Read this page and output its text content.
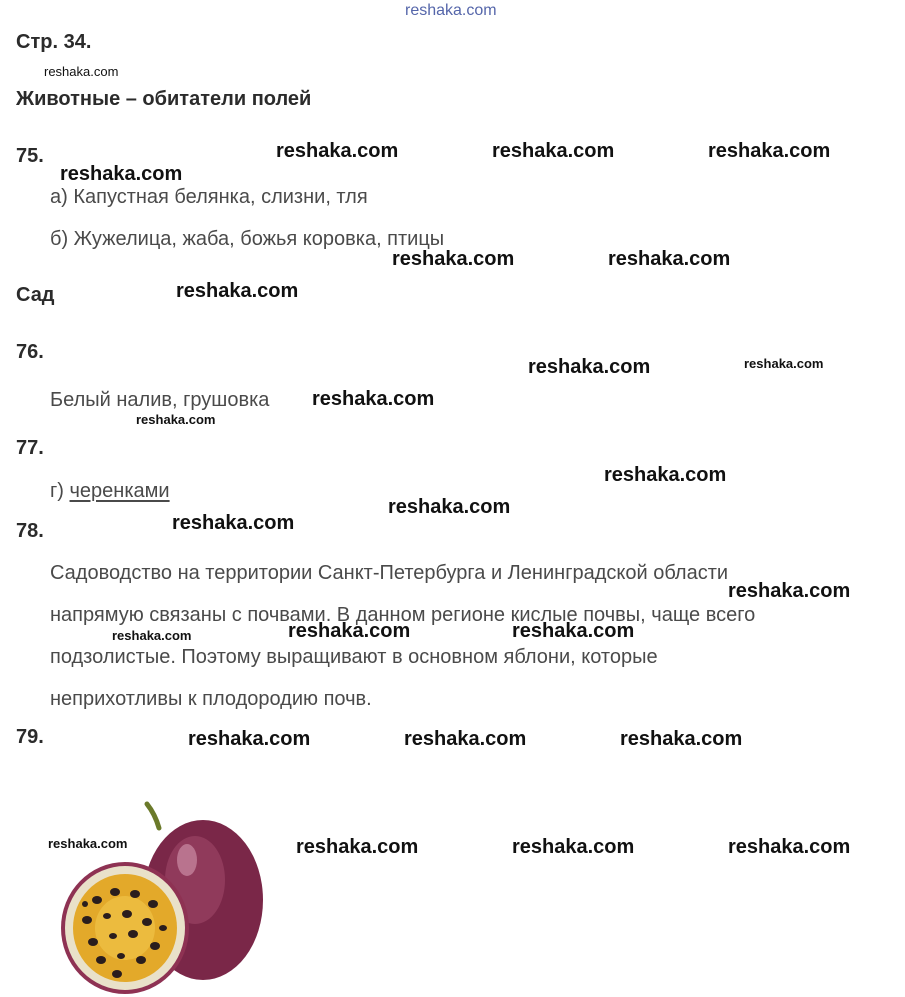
reshaka.com
Стр. 34.
reshaka.com
Животные – обитатели полей
75.
reshaka.com
reshaka.com	reshaka.com	reshaka.com
а) Капустная белянка, слизни, тля
б) Жужелица, жаба, божья коровка, птицы
reshaka.com	reshaka.com
Сад	reshaka.com
76.
reshaka.com	reshaka.com
Белый налив, грушовка reshaka.com
reshaka.com
77.
reshaka.com
г) черенками
reshaka.com
78.	reshaka.com
Садоводство на территории Санкт-Петербурга и Ленинградской области
напрямую связаны с почвами. В данном регионе кислые почвы, чаще всего
подзолистые. Поэтому выращивают в основном яблони, которые
неприхотливы к плодородию почв.
reshaka.com
reshaka.com	reshaka.com	reshaka.com
79.	reshaka.com	reshaka.com	reshaka.com
reshaka.com	reshaka.com	reshaka.com	reshaka.com
